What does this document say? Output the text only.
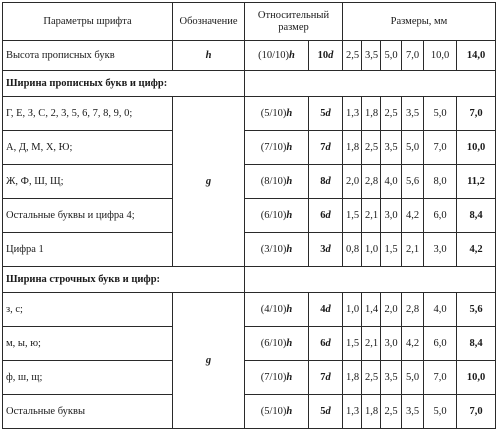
Параметры шрифта	Обозначение	Относительный размер		Размеры, мм					
Высота прописных букв	h	(10/10)h	10d	2,5	3,5	5,0	7,0	10,0	14,0
Ширина прописных букв и цифр:									
Г, Е, З, С, 2, 3, 5, 6, 7, 8, 9, 0;	g	(5/10)h	5d	1,3	1,8	2,5	3,5	5,0	7,0
А, Д, М, Х, Ю;		(7/10)h	7d	1,8	2,5	3,5	5,0	7,0	10,0
Ж, Ф, Ш, Щ;		(8/10)h	8d	2,0	2,8	4,0	5,6	8,0	11,2
Остальные буквы и цифра 4;		(6/10)h	6d	1,5	2,1	3,0	4,2	6,0	8,4
Цифра 1		(3/10)h	3d	0,8	1,0	1,5	2,1	3,0	4,2
Ширина строчных букв и цифр:									
з, с;	g	(4/10)h	4d	1,0	1,4	2,0	2,8	4,0	5,6
м, ы, ю;		(6/10)h	6d	1,5	2,1	3,0	4,2	6,0	8,4
ф, ш, щ;		(7/10)h	7d	1,8	2,5	3,5	5,0	7,0	10,0
Остальные буквы		(5/10)h	5d	1,3	1,8	2,5	3,5	5,0	7,0
